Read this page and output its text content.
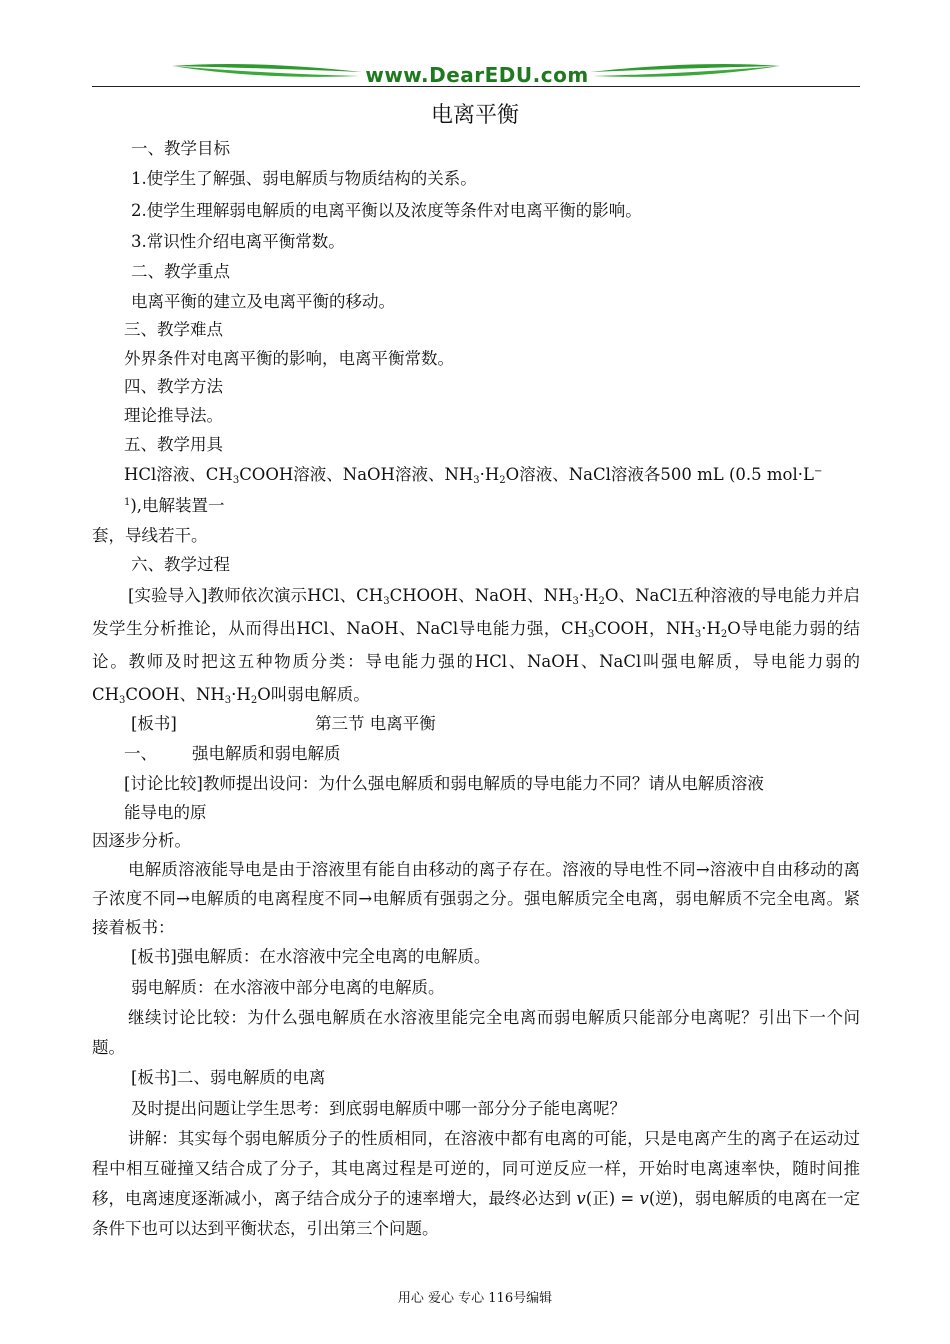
www.DearEDU.com
电离平衡
一、教学目标
1.使学生了解强、弱电解质与物质结构的关系。
2.使学生理解弱电解质的电离平衡以及浓度等条件对电离平衡的影响。
3.常识性介绍电离平衡常数。
二、教学重点
电离平衡的建立及电离平衡的移动。
三、教学难点
外界条件对电离平衡的影响，电离平衡常数。
四、教学方法
理论推导法。
五、教学用具
HCl溶液、$CH_3COOH$溶液、NaOH溶液、$NH_3\cdot H_2O$溶液、NaCl溶液各500 mL (0.5 mol·L−
$^1$),电解装置一
套，导线若干。
六、教学过程
[实验导入]教师依次演示HCl、$CH_3CHOOH$、NaOH、$NH_3\cdot H_2O$、NaCl五种溶液的导电能力并启发学生分析推论，从而得出HCl、NaOH、NaCl导电能力强，$CH_3COOH$，$NH_3\cdot H_2O$导电能力弱的结论。教师及时把这五种物质分类：导电能力强的HCl、NaOH、NaCl叫强电解质，导电能力弱的$CH_3COOH$、$NH_3\cdot H_2O$叫弱电解质。
[板书]	第三节 电离平衡
一、 强电解质和弱电解质
[讨论比较]教师提出设问：为什么强电解质和弱电解质的导电能力不同？请从电解质溶液
能导电的原
因逐步分析。
电解质溶液能导电是由于溶液里有能自由移动的离子存在。溶液的导电性不同→溶液中自由移动的离子浓度不同→电解质的电离程度不同→电解质有强弱之分。强电解质完全电离，弱电解质不完全电离。紧接着板书：
[板书]强电解质：在水溶液中完全电离的电解质。
弱电解质：在水溶液中部分电离的电解质。
继续讨论比较：为什么强电解质在水溶液里能完全电离而弱电解质只能部分电离呢？引出下一个问题。
[板书]二、弱电解质的电离
及时提出问题让学生思考：到底弱电解质中哪一部分分子能电离呢？
讲解：其实每个弱电解质分子的性质相同，在溶液中都有电离的可能，只是电离产生的离子在运动过程中相互碰撞又结合成了分子，其电离过程是可逆的，同可逆反应一样，开始时电离速率快，随时间推移，电离速度逐渐减小，离子结合成分子的速率增大，最终必达到 v(正) = v(逆)，弱电解质的电离在一定条件下也可以达到平衡状态，引出第三个问题。
用心 爱心 专心 116号编辑
